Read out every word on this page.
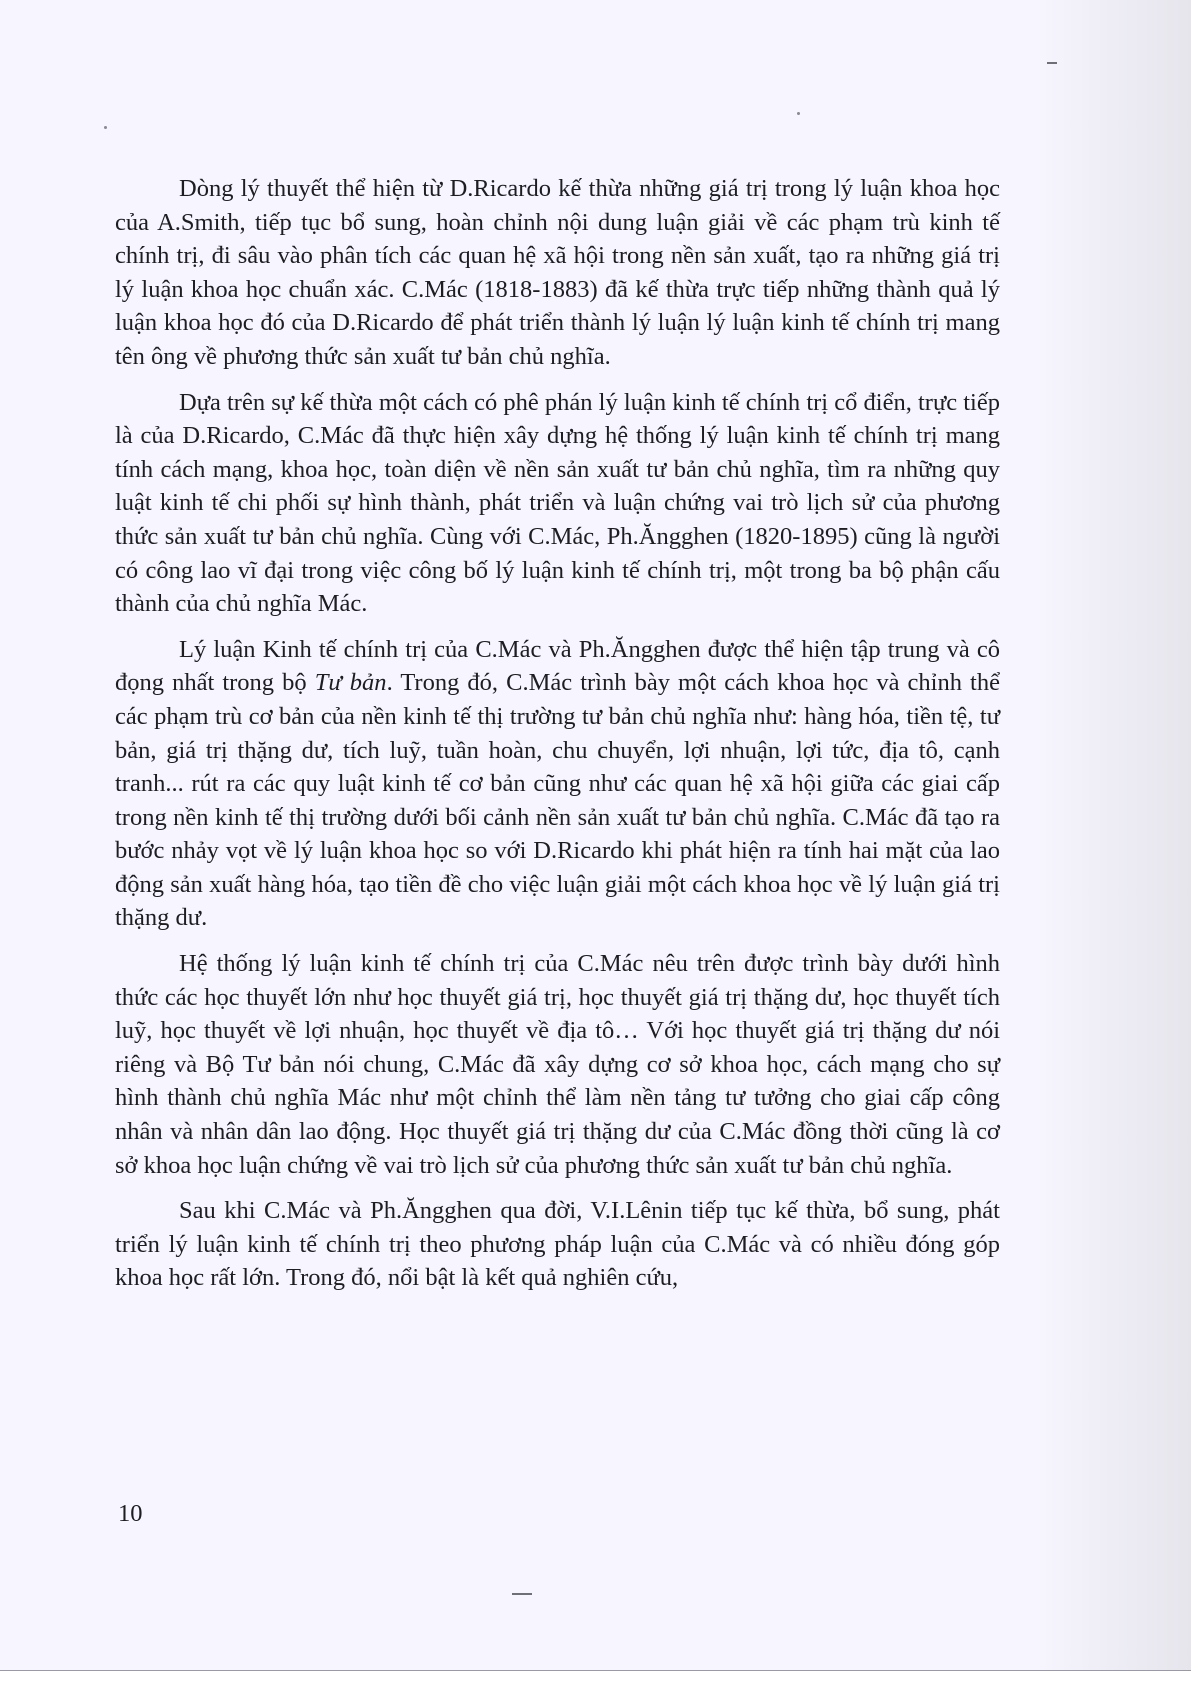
Dòng lý thuyết thể hiện từ D.Ricardo kế thừa những giá trị trong lý luận khoa học của A.Smith, tiếp tục bổ sung, hoàn chỉnh nội dung luận giải về các phạm trù kinh tế chính trị, đi sâu vào phân tích các quan hệ xã hội trong nền sản xuất, tạo ra những giá trị lý luận khoa học chuẩn xác. C.Mác (1818-1883) đã kế thừa trực tiếp những thành quả lý luận khoa học đó của D.Ricardo để phát triển thành lý luận lý luận kinh tế chính trị mang tên ông về phương thức sản xuất tư bản chủ nghĩa.

Dựa trên sự kế thừa một cách có phê phán lý luận kinh tế chính trị cổ điển, trực tiếp là của D.Ricardo, C.Mác đã thực hiện xây dựng hệ thống lý luận kinh tế chính trị mang tính cách mạng, khoa học, toàn diện về nền sản xuất tư bản chủ nghĩa, tìm ra những quy luật kinh tế chi phối sự hình thành, phát triển và luận chứng vai trò lịch sử của phương thức sản xuất tư bản chủ nghĩa. Cùng với C.Mác, Ph.Ăngghen (1820-1895) cũng là người có công lao vĩ đại trong việc công bố lý luận kinh tế chính trị, một trong ba bộ phận cấu thành của chủ nghĩa Mác.

Lý luận Kinh tế chính trị của C.Mác và Ph.Ăngghen được thể hiện tập trung và cô đọng nhất trong bộ Tư bản. Trong đó, C.Mác trình bày một cách khoa học và chỉnh thể các phạm trù cơ bản của nền kinh tế thị trường tư bản chủ nghĩa như: hàng hóa, tiền tệ, tư bản, giá trị thặng dư, tích luỹ, tuần hoàn, chu chuyển, lợi nhuận, lợi tức, địa tô, cạnh tranh... rút ra các quy luật kinh tế cơ bản cũng như các quan hệ xã hội giữa các giai cấp trong nền kinh tế thị trường dưới bối cảnh nền sản xuất tư bản chủ nghĩa. C.Mác đã tạo ra bước nhảy vọt về lý luận khoa học so với D.Ricardo khi phát hiện ra tính hai mặt của lao động sản xuất hàng hóa, tạo tiền đề cho việc luận giải một cách khoa học về lý luận giá trị thặng dư.

Hệ thống lý luận kinh tế chính trị của C.Mác nêu trên được trình bày dưới hình thức các học thuyết lớn như học thuyết giá trị, học thuyết giá trị thặng dư, học thuyết tích luỹ, học thuyết về lợi nhuận, học thuyết về địa tô… Với học thuyết giá trị thặng dư nói riêng và Bộ Tư bản nói chung, C.Mác đã xây dựng cơ sở khoa học, cách mạng cho sự hình thành chủ nghĩa Mác như một chỉnh thể làm nền tảng tư tưởng cho giai cấp công nhân và nhân dân lao động. Học thuyết giá trị thặng dư của C.Mác đồng thời cũng là cơ sở khoa học luận chứng về vai trò lịch sử của phương thức sản xuất tư bản chủ nghĩa.

Sau khi C.Mác và Ph.Ăngghen qua đời, V.I.Lênin tiếp tục kế thừa, bổ sung, phát triển lý luận kinh tế chính trị theo phương pháp luận của C.Mác và có nhiều đóng góp khoa học rất lớn. Trong đó, nổi bật là kết quả nghiên cứu,

10
